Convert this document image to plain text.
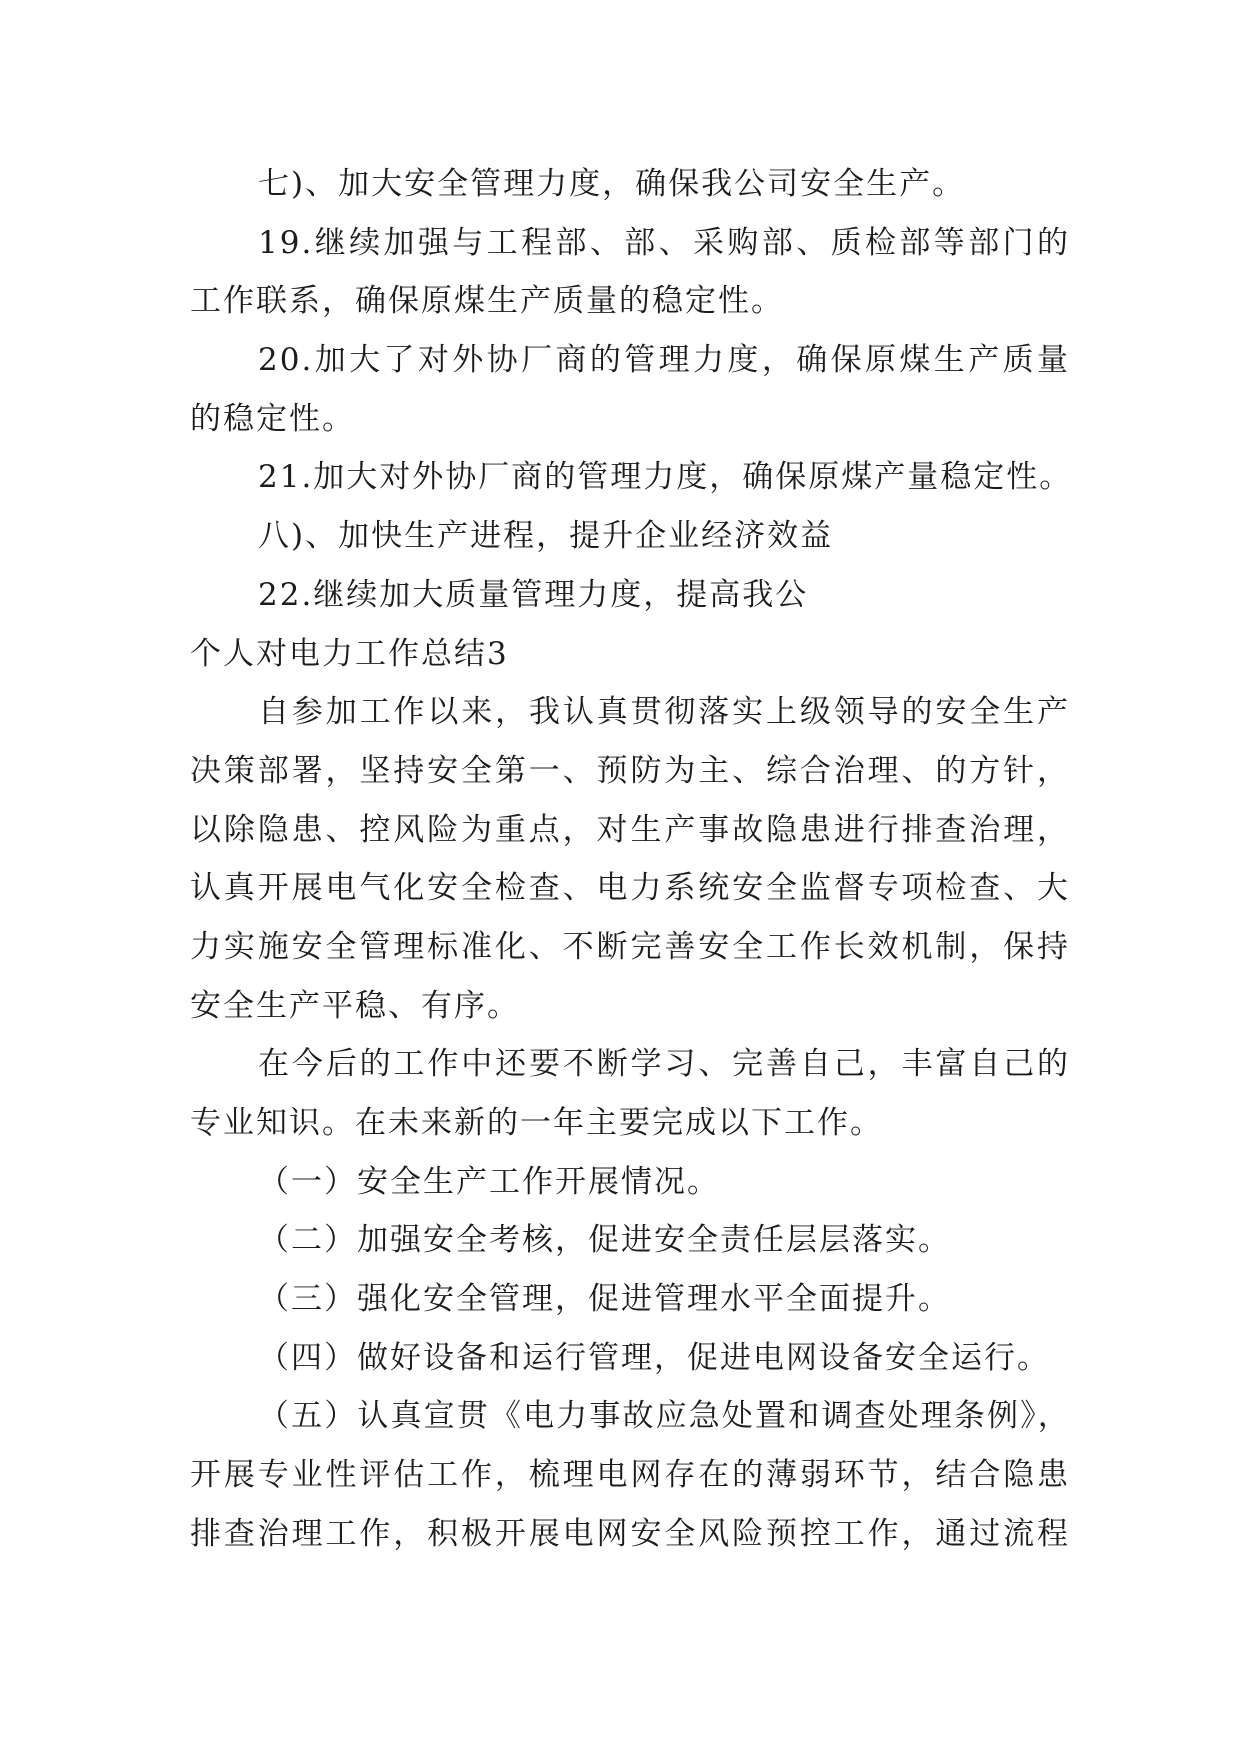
七)、加大安全管理力度，确保我公司安全生产。
19.继续加强与工程部、部、采购部、质检部等部门的
工作联系，确保原煤生产质量的稳定性。
20.加大了对外协厂商的管理力度，确保原煤生产质量
的稳定性。
21.加大对外协厂商的管理力度，确保原煤产量稳定性。
八)、加快生产进程，提升企业经济效益
22.继续加大质量管理力度，提高我公
个人对电力工作总结3
自参加工作以来，我认真贯彻落实上级领导的安全生产
决策部署，坚持安全第一、预防为主、综合治理、的方针，
以除隐患、控风险为重点，对生产事故隐患进行排查治理，
认真开展电气化安全检查、电力系统安全监督专项检查、大
力实施安全管理标准化、不断完善安全工作长效机制，保持
安全生产平稳、有序。
在今后的工作中还要不断学习、完善自己，丰富自己的
专业知识。在未来新的一年主要完成以下工作。
（一）安全生产工作开展情况。
（二）加强安全考核，促进安全责任层层落实。
（三）强化安全管理，促进管理水平全面提升。
（四）做好设备和运行管理，促进电网设备安全运行。
（五）认真宣贯《电力事故应急处置和调查处理条例》，
开展专业性评估工作，梳理电网存在的薄弱环节，结合隐患
排查治理工作，积极开展电网安全风险预控工作，通过流程
